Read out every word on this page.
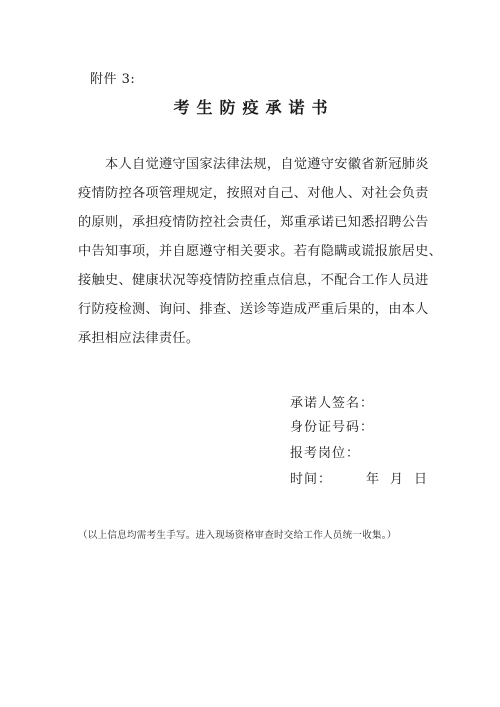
附件 3:
考生防疫承诺书
本人自觉遵守国家法律法规，自觉遵守安徽省新冠肺炎
疫情防控各项管理规定，按照对自己、对他人、对社会负责
的原则，承担疫情防控社会责任，郑重承诺已知悉招聘公告
中告知事项，并自愿遵守相关要求。若有隐瞒或谎报旅居史、
接触史、健康状况等疫情防控重点信息，不配合工作人员进
行防疫检测、询问、排查、送诊等造成严重后果的，由本人
承担相应法律责任。
承诺人签名：
身份证号码：
报考岗位：
时间：	年 月 日
（以上信息均需考生手写。进入现场资格审查时交给工作人员统一收集。）
